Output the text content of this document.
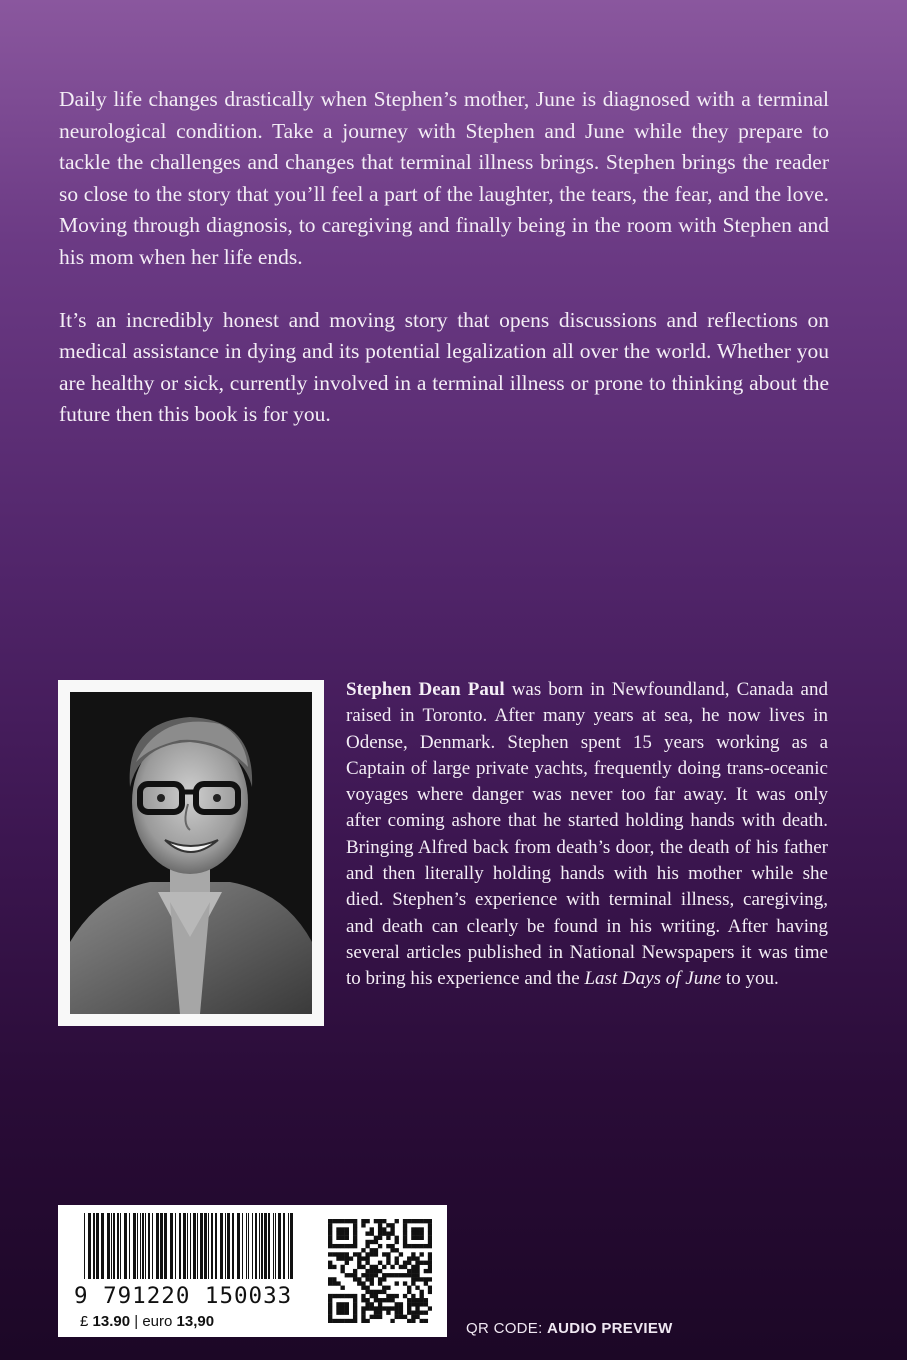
Daily life changes drastically when Stephen’s mother, June is diagnosed with a terminal neurological condition. Take a journey with Stephen and June while they prepare to tackle the challenges and changes that terminal illness brings. Stephen brings the reader so close to the story that you’ll feel a part of the laughter, the tears, the fear, and the love. Moving through diagnosis, to caregiving and finally being in the room with Stephen and his mom when her life ends.

It’s an incredibly honest and moving story that opens discussions and reflections on medical assistance in dying and its potential legalization all over the world. Whether you are healthy or sick, currently involved in a terminal illness or prone to thinking about the future then this book is for you.

Stephen Dean Paul was born in Newfoundland, Canada and raised in Toronto. After many years at sea, he now lives in Odense, Denmark. Stephen spent 15 years working as a Captain of large private yachts, frequently doing trans-oceanic voyages where danger was never too far away. It was only after coming ashore that he started holding hands with death. Bringing Alfred back from death’s door, the death of his father and then literally holding hands with his mother while she died. Stephen’s experience with terminal illness, caregiving, and death can clearly be found in his writing. After having several articles published in National Newspapers it was time to bring his experience and the Last Days of June to you.

9 791220 150033
£ 13.90 | euro 13,90	QR CODE: AUDIO PREVIEW
